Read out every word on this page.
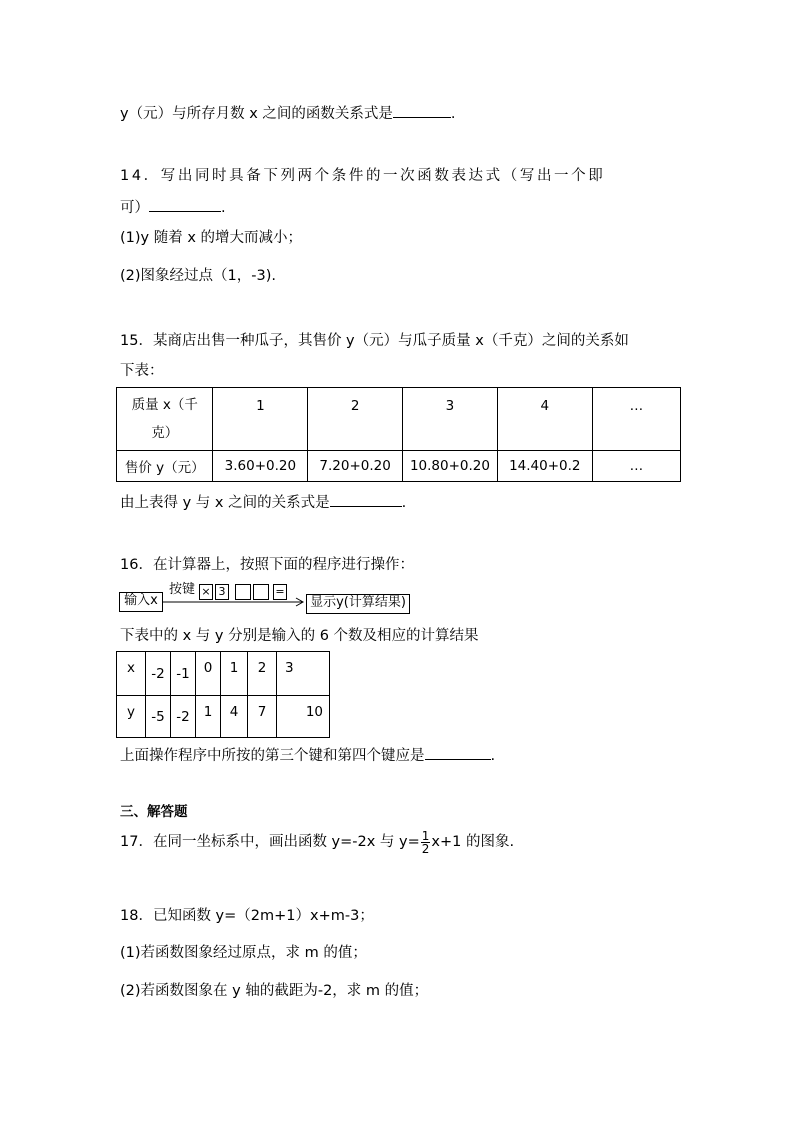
y（元）与所存月数 x 之间的函数关系式是	.
14．写出同时具备下列两个条件的一次函数表达式（写出一个即
可）	.
(1)y 随着 x 的增大而减小；
(2)图象经过点（1，-3).
15．某商店出售一种瓜子，其售价 y（元）与瓜子质量 x（千克）之间的关系如
下表：
质量 x（千
克）	1	2	3	4	…
售价 y（元）	3.60+0.20	7.20+0.20	10.80+0.20	14.40+0.2	…
由上表得 y 与 x 之间的关系式是	.
16．在计算器上，按照下面的程序进行操作：
输入x
按键 × 3	=
显示y(计算结果)
下表中的 x 与 y 分别是输入的 6 个数及相应的计算结果
x	-2	-1	0	1	2	3
y	-5	-2	1	4	7	10
上面操作程序中所按的第三个键和第四个键应是	.
三、解答题
17．在同一坐标系中，画出函数 y=-2x 与 $y= \frac{1}{2} x+1$ 的图象.
18．已知函数 y=（2m+1）x+m-3；
(1)若函数图象经过原点，求 m 的值；
(2)若函数图象在 y 轴的截距为-2，求 m 的值；
